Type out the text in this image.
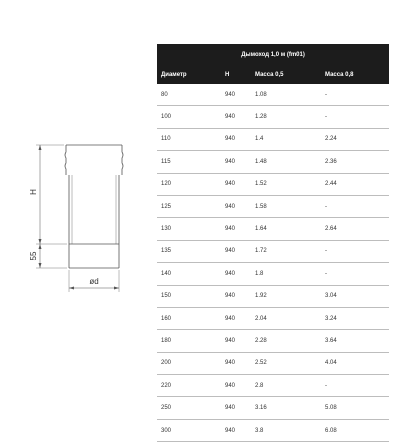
H
55
ød
Дымоход 1,0 м (fm01)			
Диаметр	H	Масса 0,5	Масса 0,8
80	940	1.08	-
100	940	1.28	-
110	940	1.4	2.24
115	940	1.48	2.36
120	940	1.52	2.44
125	940	1.58	-
130	940	1.64	2.64
135	940	1.72	-
140	940	1.8	-
150	940	1.92	3.04
160	940	2.04	3.24
180	940	2.28	3.64
200	940	2.52	4.04
220	940	2.8	-
250	940	3.16	5.08
300	940	3.8	6.08
